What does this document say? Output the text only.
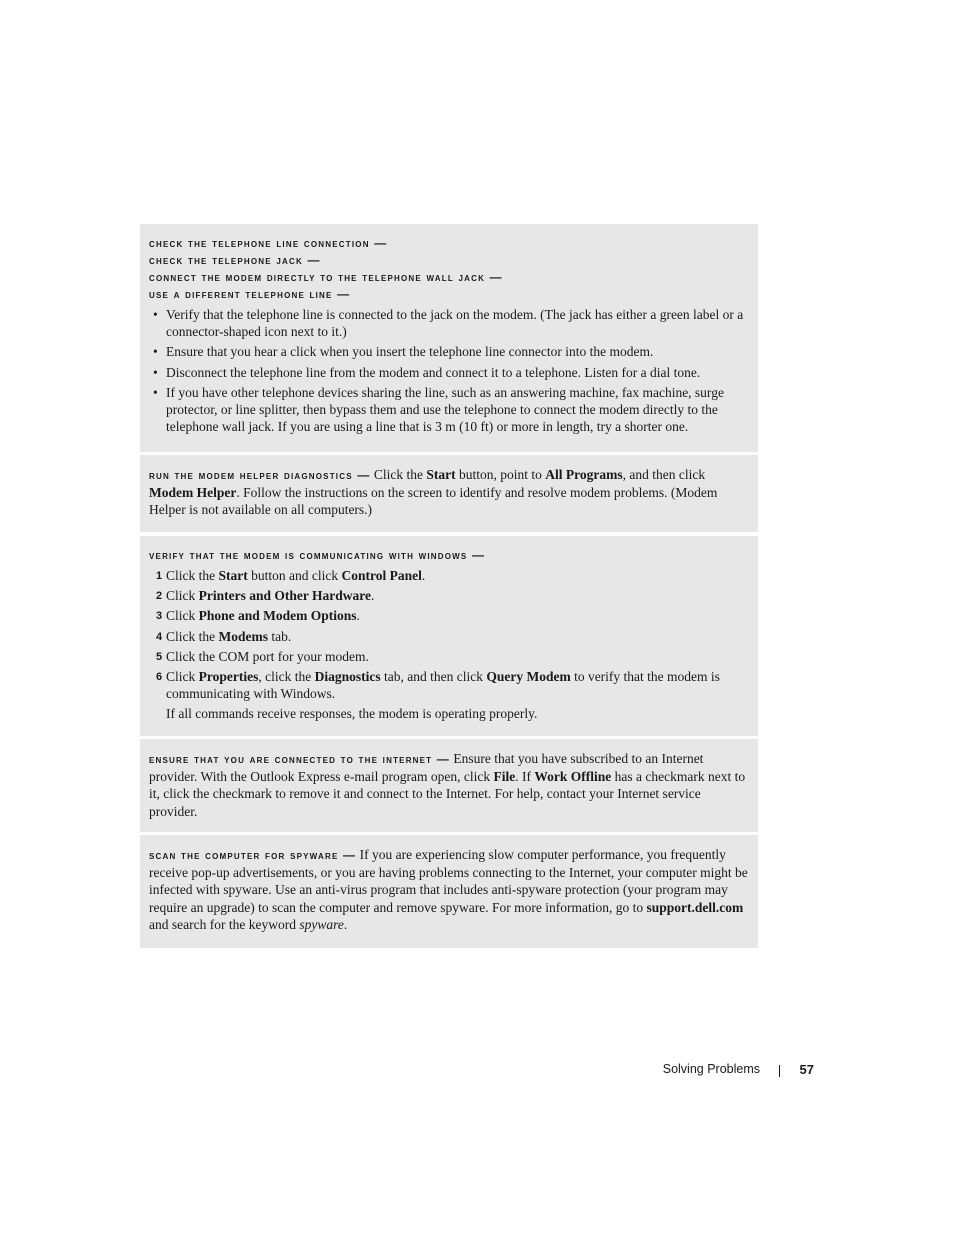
check the telephone line connection —
check the telephone jack —
connect the modem directly to the telephone wall jack —
use a different telephone line —
• Verify that the telephone line is connected to the jack on the modem. (The jack has either a green label or a connector-shaped icon next to it.)
• Ensure that you hear a click when you insert the telephone line connector into the modem.
• Disconnect the telephone line from the modem and connect it to a telephone. Listen for a dial tone.
• If you have other telephone devices sharing the line, such as an answering machine, fax machine, surge protector, or line splitter, then bypass them and use the telephone to connect the modem directly to the telephone wall jack. If you are using a line that is 3 m (10 ft) or more in length, try a shorter one.
run the modem helper diagnostics — Click the Start button, point to All Programs, and then click Modem Helper. Follow the instructions on the screen to identify and resolve modem problems. (Modem Helper is not available on all computers.)
verify that the modem is communicating with windows —
1 Click the Start button and click Control Panel.
2 Click Printers and Other Hardware.
3 Click Phone and Modem Options.
4 Click the Modems tab.
5 Click the COM port for your modem.
6 Click Properties, click the Diagnostics tab, and then click Query Modem to verify that the modem is communicating with Windows.
If all commands receive responses, the modem is operating properly.
ensure that you are connected to the internet — Ensure that you have subscribed to an Internet provider. With the Outlook Express e-mail program open, click File. If Work Offline has a checkmark next to it, click the checkmark to remove it and connect to the Internet. For help, contact your Internet service provider.
scan the computer for spyware — If you are experiencing slow computer performance, you frequently receive pop-up advertisements, or you are having problems connecting to the Internet, your computer might be infected with spyware. Use an anti-virus program that includes anti-spyware protection (your program may require an upgrade) to scan the computer and remove spyware. For more information, go to support.dell.com and search for the keyword spyware.
Solving Problems	57
